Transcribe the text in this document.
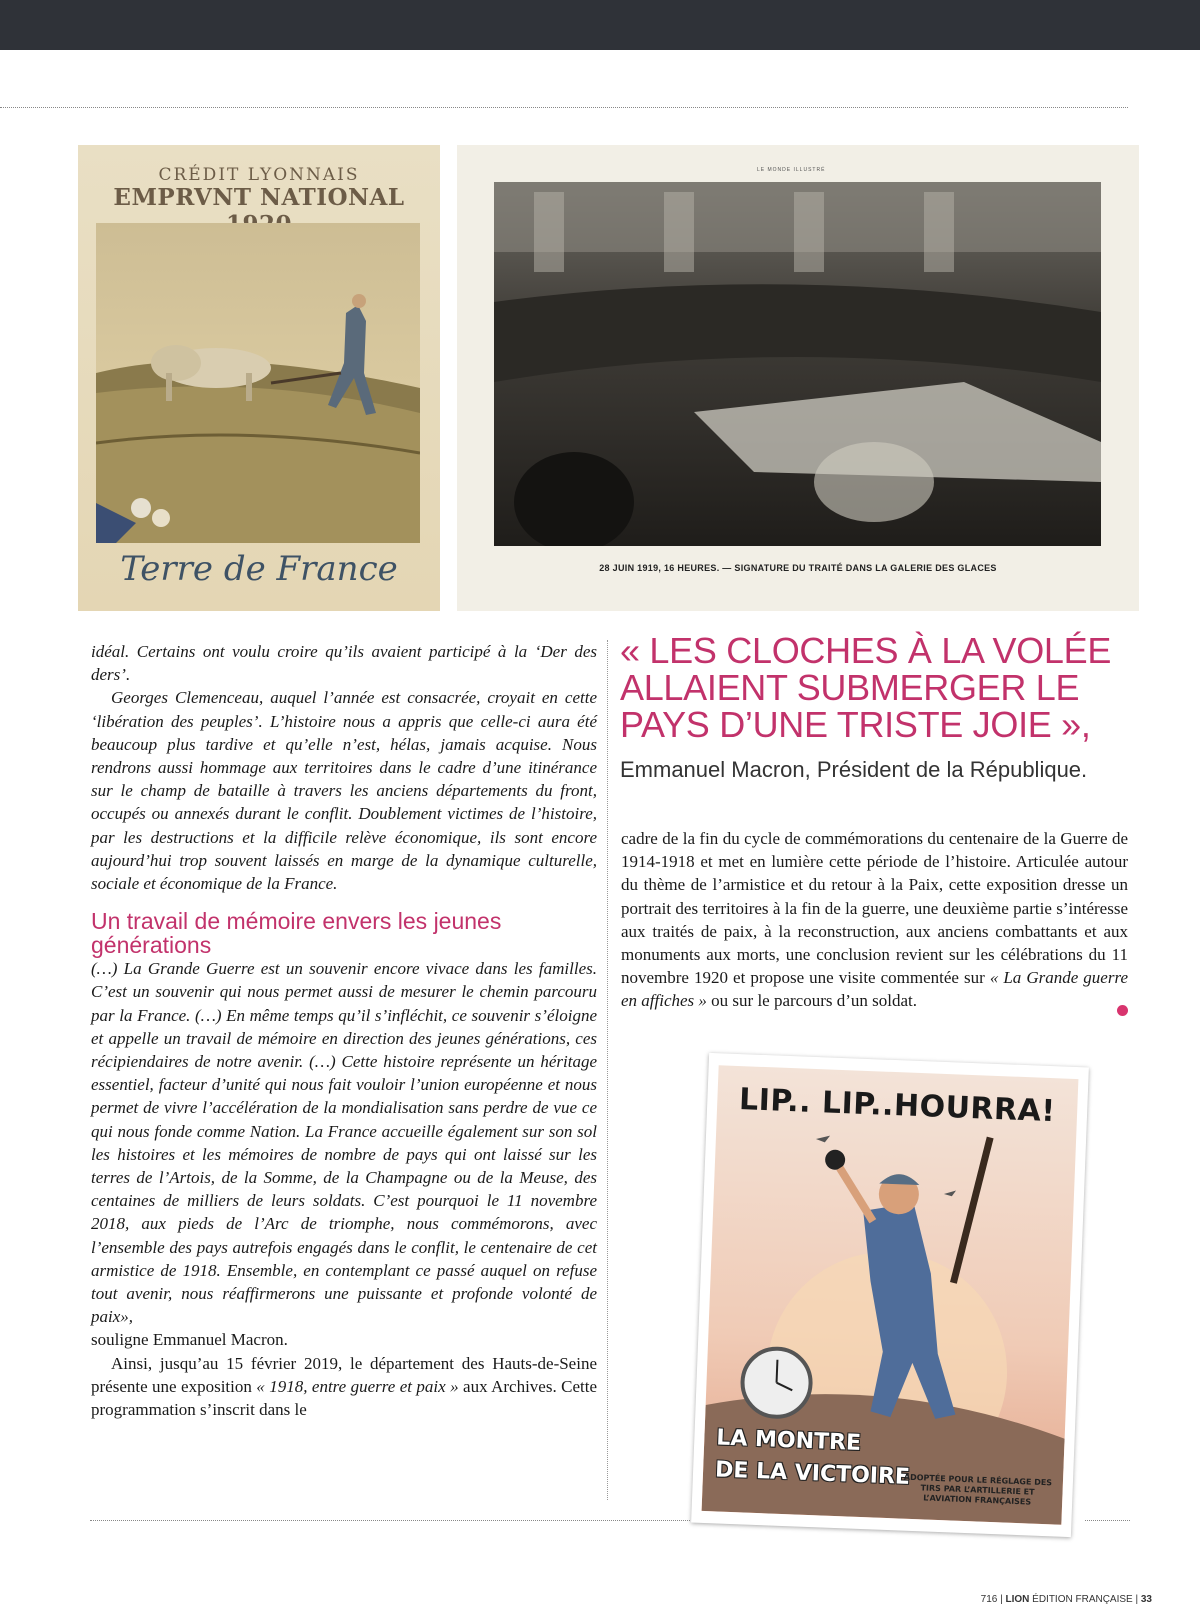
CRÉDIT LYONNAIS
EMPRVNT NATIONAL
Terre de France
LE MONDE ILLUSTRÉ
28 JUIN 1919, 16 HEURES. — SIGNATURE DU TRAITÉ DANS LA GALERIE DES GLACES

idéal. Certains ont voulu croire qu’ils avaient participé à la ‘Der des ders’.

Georges Clemenceau, auquel l’année est consacrée, croyait en cette ‘libération des peuples’. L’histoire nous a appris que celle-ci aura été beaucoup plus tardive et qu’elle n’est, hélas, jamais acquise. Nous rendrons aussi hommage aux territoires dans le cadre d’une itinérance sur le champ de bataille à travers les anciens départements du front, occupés ou annexés durant le conflit. Doublement victimes de l’histoire, par les destructions et la difficile relève économique, ils sont encore aujourd’hui trop souvent laissés en marge de la dynamique culturelle, sociale et économique de la France.

Un travail de mémoire envers les jeunes générations

(…) La Grande Guerre est un souvenir encore vivace dans les familles. C’est un souvenir qui nous permet aussi de mesurer le chemin parcouru par la France. (…) En même temps qu’il s’infléchit, ce souvenir s’éloigne et appelle un travail de mémoire en direction des jeunes générations, ces récipiendaires de notre avenir. (…) Cette histoire représente un héritage essentiel, facteur d’unité qui nous fait vouloir l’union européenne et nous permet de vivre l’accélération de la mondialisation sans perdre de vue ce qui nous fonde comme Nation. La France accueille également sur son sol les histoires et les mémoires de nombre de pays qui ont laissé sur les terres de l’Artois, de la Somme, de la Champagne ou de la Meuse, des centaines de milliers de leurs soldats. C’est pourquoi le 11 novembre 2018, aux pieds de l’Arc de triomphe, nous commémorons, avec l’ensemble des pays autrefois engagés dans le conflit, le centenaire de cet armistice de 1918. Ensemble, en contemplant ce passé auquel on refuse tout avenir, nous réaffirmerons une puissante et profonde volonté de paix»,

souligne Emmanuel Macron.

Ainsi, jusqu’au 15 février 2019, le département des Hauts-de-Seine présente une exposition « 1918, entre guerre et paix » aux Archives. Cette programmation s’inscrit dans le

« LES CLOCHES À LA VOLÉE ALLAIENT SUBMERGER LE PAYS D’UNE TRISTE JOIE »,
Emmanuel Macron, Président de la République.
cadre de la fin du cycle de commémorations du centenaire de la Guerre de 1914-1918 et met en lumière cette période de l’histoire. Articulée autour du thème de l’armistice et du retour à la Paix, cette exposition dresse un portrait des territoires à la fin de la guerre, une deuxième partie s’intéresse aux traités de paix, à la reconstruction, aux anciens combattants et aux monuments aux morts, une conclusion revient sur les célébrations du 11 novembre 1920 et propose une visite commentée sur « La Grande guerre en affiches » ou sur le parcours d’un soldat.
LIP.. LIP..HOURRA!
LA MONTRE
DE LA VICTOIRE
ADOPTÉE POUR LE RÉGLAGE DES TIRS PAR L’ARTILLERIE ET L’AVIATION FRANÇAISES
716 | LION ÉDITION FRANÇAISE | 33
